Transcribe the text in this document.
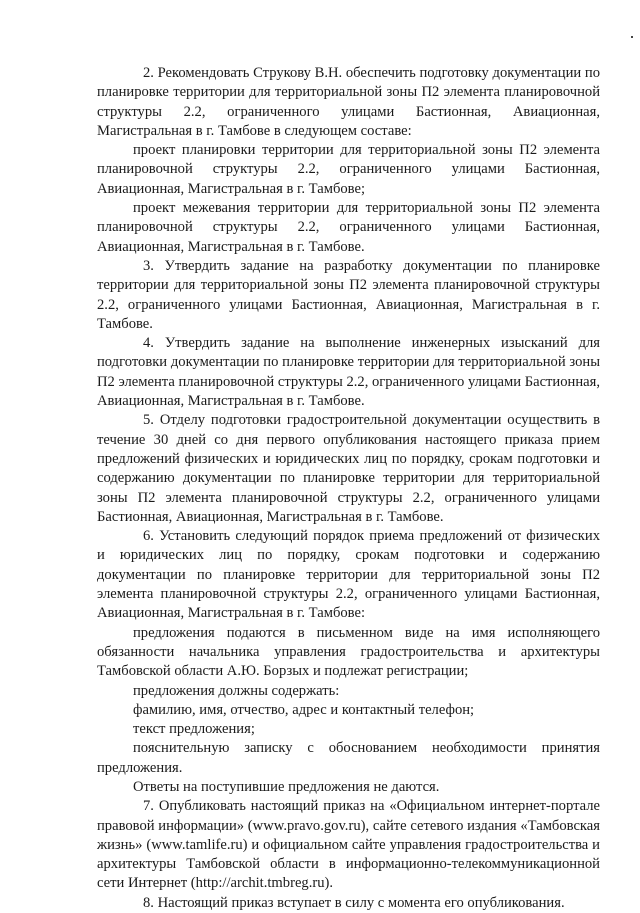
2. Рекомендовать Струкову В.Н. обеспечить подготовку документации по планировке территории для территориальной зоны П2 элемента планировочной структуры 2.2, ограниченного улицами Бастионная, Авиационная, Магистральная в г. Тамбове в следующем составе:

проект планировки территории для территориальной зоны П2 элемента планировочной структуры 2.2, ограниченного улицами Бастионная, Авиационная, Магистральная в г. Тамбове;

проект межевания территории для территориальной зоны П2 элемента планировочной структуры 2.2, ограниченного улицами Бастионная, Авиационная, Магистральная в г. Тамбове.

3. Утвердить задание на разработку документации по планировке территории для территориальной зоны П2 элемента планировочной структуры 2.2, ограниченного улицами Бастионная, Авиационная, Магистральная в г. Тамбове.

4. Утвердить задание на выполнение инженерных изысканий для подготовки документации по планировке территории для территориальной зоны П2 элемента планировочной структуры 2.2, ограниченного улицами Бастионная, Авиационная, Магистральная в г. Тамбове.

5. Отделу подготовки градостроительной документации осуществить в течение 30 дней со дня первого опубликования настоящего приказа прием предложений физических и юридических лиц по порядку, срокам подготовки и содержанию документации по планировке территории для территориальной зоны П2 элемента планировочной структуры 2.2, ограниченного улицами Бастионная, Авиационная, Магистральная в г. Тамбове.

6. Установить следующий порядок приема предложений от физических и юридических лиц по порядку, срокам подготовки и содержанию документации по планировке территории для территориальной зоны П2 элемента планировочной структуры 2.2, ограниченного улицами Бастионная, Авиационная, Магистральная в г. Тамбове:

предложения подаются в письменном виде на имя исполняющего обязанности начальника управления градостроительства и архитектуры Тамбовской области А.Ю. Борзых и подлежат регистрации;

предложения должны содержать:

фамилию, имя, отчество, адрес и контактный телефон;

текст предложения;

пояснительную записку с обоснованием необходимости принятия предложения.

Ответы на поступившие предложения не даются.

7. Опубликовать настоящий приказ на «Официальном интернет-портале правовой информации» (www.pravo.gov.ru), сайте сетевого издания «Тамбовская жизнь» (www.tamlife.ru) и официальном сайте управления градостроительства и архитектуры Тамбовской области в информационно-телекоммуникационной сети Интернет (http://archit.tmbreg.ru).

8. Настоящий приказ вступает в силу с момента его опубликования.
